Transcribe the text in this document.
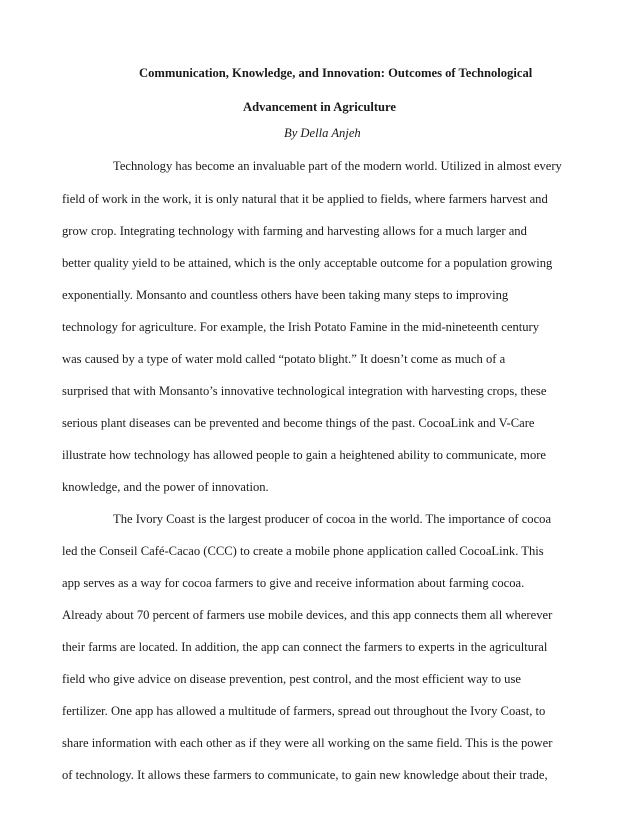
Communication, Knowledge, and Innovation: Outcomes of Technological
Advancement in Agriculture
By Della Anjeh
Technology has become an invaluable part of the modern world. Utilized in almost every
field of work in the work, it is only natural that it be applied to fields, where farmers harvest and
grow crop. Integrating technology with farming and harvesting allows for a much larger and
better quality yield to be attained, which is the only acceptable outcome for a population growing
exponentially. Monsanto and countless others have been taking many steps to improving
technology for agriculture. For example, the Irish Potato Famine in the mid-nineteenth century
was caused by a type of water mold called “potato blight.” It doesn’t come as much of a
surprised that with Monsanto’s innovative technological integration with harvesting crops, these
serious plant diseases can be prevented and become things of the past. CocoaLink and V-Care
illustrate how technology has allowed people to gain a heightened ability to communicate, more
knowledge, and the power of innovation.
The Ivory Coast is the largest producer of cocoa in the world. The importance of cocoa
led the Conseil Café-Cacao (CCC) to create a mobile phone application called CocoaLink. This
app serves as a way for cocoa farmers to give and receive information about farming cocoa.
Already about 70 percent of farmers use mobile devices, and this app connects them all wherever
their farms are located. In addition, the app can connect the farmers to experts in the agricultural
field who give advice on disease prevention, pest control, and the most efficient way to use
fertilizer. One app has allowed a multitude of farmers, spread out throughout the Ivory Coast, to
share information with each other as if they were all working on the same field. This is the power
of technology. It allows these farmers to communicate, to gain new knowledge about their trade,
